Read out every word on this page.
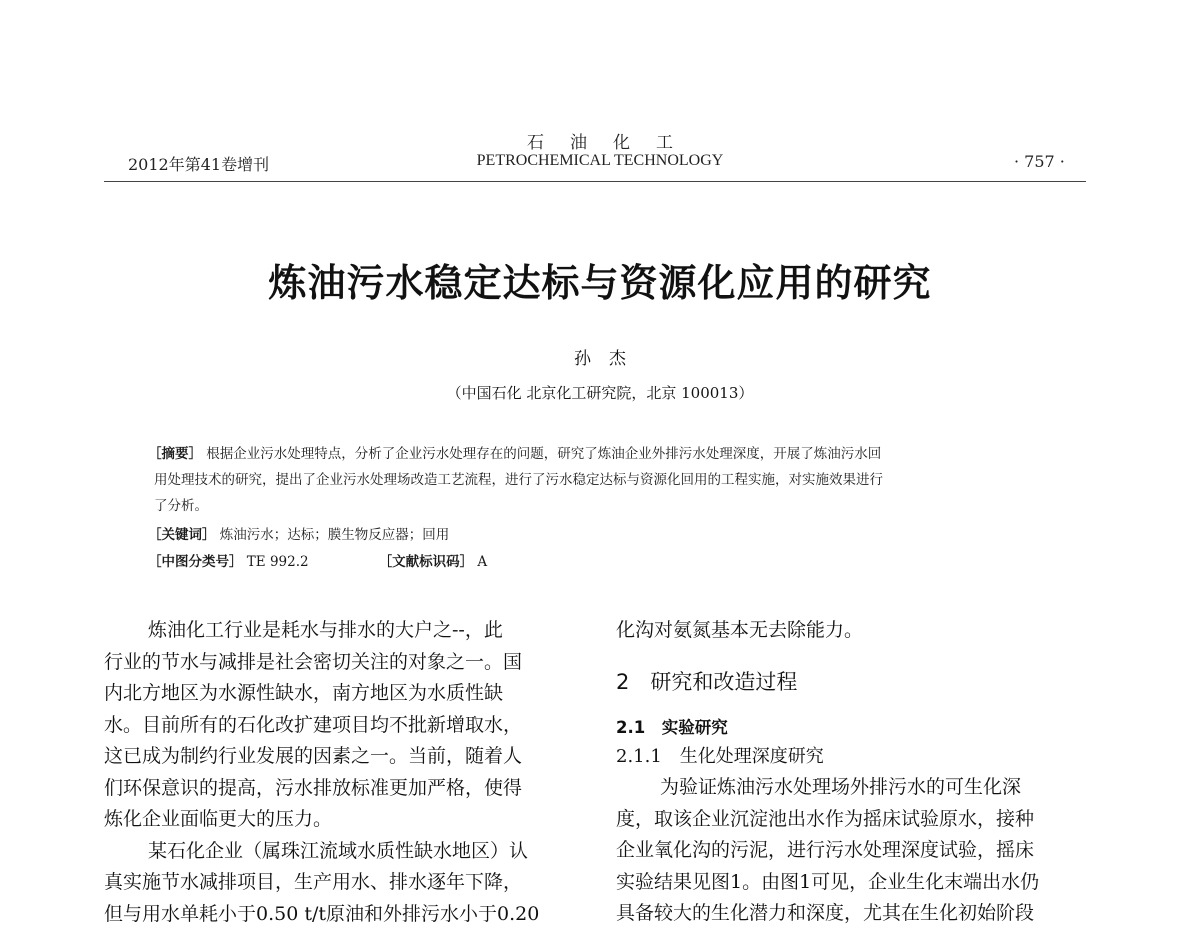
石油化工
2012年第41卷增刊	PETROCHEMICAL TECHNOLOGY	· 757 ·
炼油污水稳定达标与资源化应用的研究
孙杰
（中国石化 北京化工研究院，北京 100013）
［摘要］ 根据企业污水处理特点，分析了企业污水处理存在的问题，研究了炼油企业外排污水处理深度，开展了炼油污水回
用处理技术的研究，提出了企业污水处理场改造工艺流程，进行了污水稳定达标与资源化回用的工程实施，对实施效果进行
了分析。
［关键词］ 炼油污水；达标；膜生物反应器；回用
［中图分类号］ TE 992.2	［文献标识码］ A

炼油化工行业是耗水与排水的大户之--，此

行业的节水与减排是社会密切关注的对象之一。国

内北方地区为水源性缺水，南方地区为水质性缺

水。目前所有的石化改扩建项目均不批新增取水，

这已成为制约行业发展的因素之一。当前，随着人

们环保意识的提高，污水排放标准更加严格，使得

炼化企业面临更大的压力。

某石化企业（属珠江流域水质性缺水地区）认

真实施节水减排项目，生产用水、排水逐年下降，

但与用水单耗小于0.50 t/t原油和外排污水小于0.20

化沟对氨氮基本无去除能力。

2　研究和改造过程

2.1　实验研究

2.1.1　生化处理深度研究

为验证炼油污水处理场外排污水的可生化深

度，取该企业沉淀池出水作为摇床试验原水，接种

企业氧化沟的污泥，进行污水处理深度试验，摇床

实验结果见图1。由图1可见，企业生化末端出水仍

具备较大的生化潜力和深度，尤其在生化初始阶段
